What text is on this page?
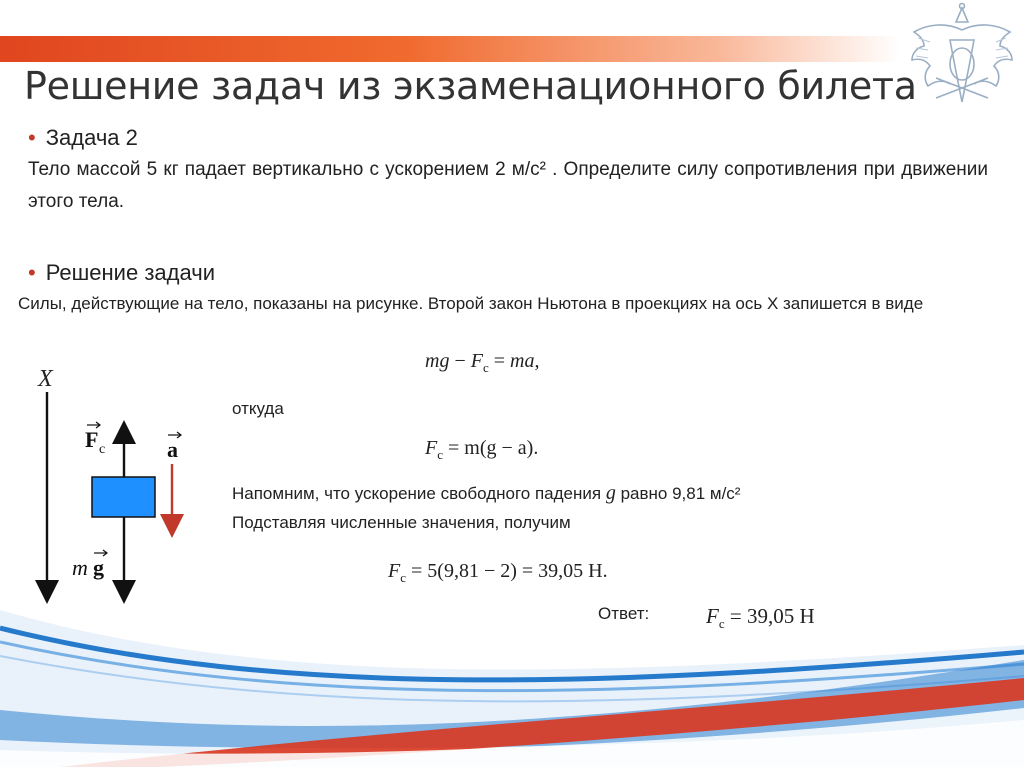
Решение задач из экзаменационного билета
• Задача 2
Тело массой 5 кг падает вертикально с ускорением 2 м/с² . Определите силу сопротивления при движении этого тела.
• Решение задачи
Силы, действующие на тело, показаны на рисунке. Второй закон Ньютона в проекциях на ось X запишется в виде
mg − $F_c$ = ma,
откуда
$F_c = m(g - a)$.
Напомним, что ускорение свободного падения g равно 9,81 м/с²
Подставляя численные значения, получим
$F_c = 5(9,81 - 2) = 39,05$ Н.
Ответ:	$F_c = 39,05$ Н
X
F c	a
m g
